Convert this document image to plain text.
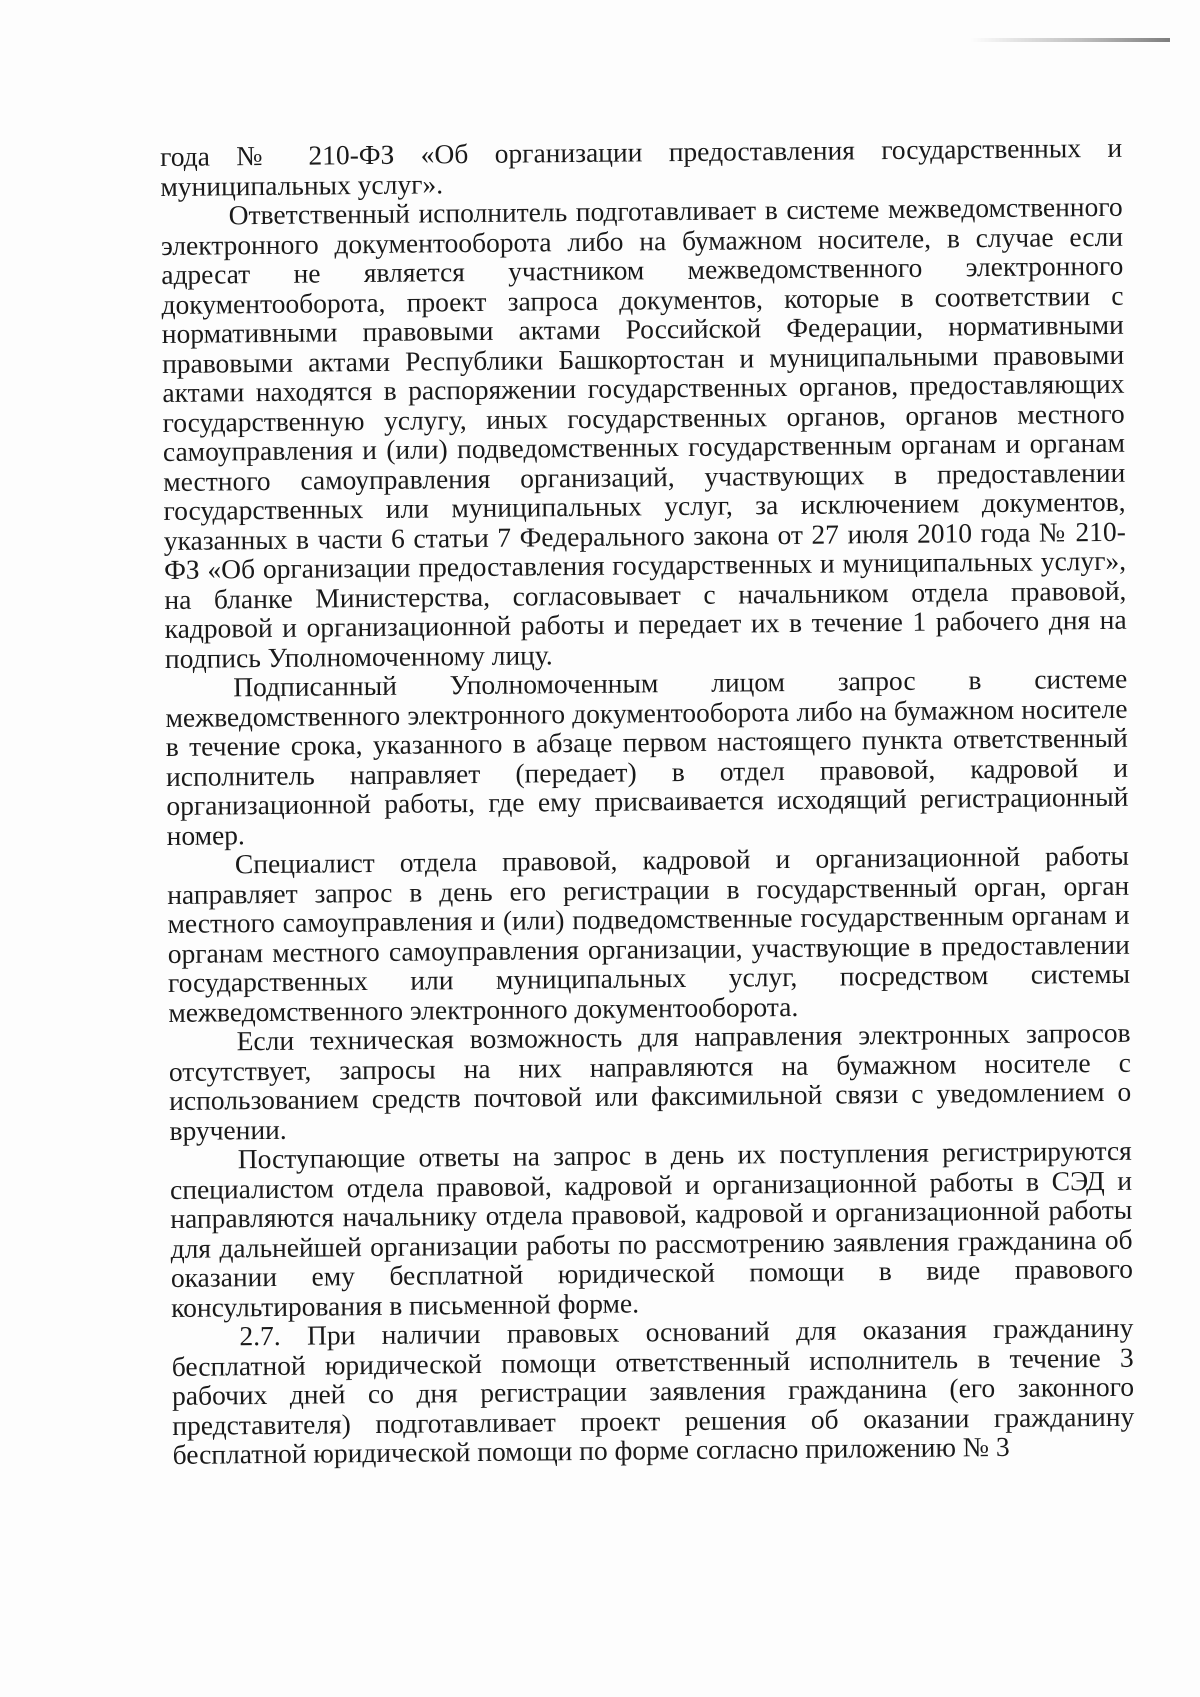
года № 210-ФЗ «Об организации предоставления государственных и муниципальных услуг».

Ответственный исполнитель подготавливает в системе межведомственного электронного документооборота либо на бумажном носителе, в случае если адресат не является участником межведомственного электронного документооборота, проект запроса документов, которые в соответствии с нормативными правовыми актами Российской Федерации, нормативными правовыми актами Республики Башкортостан и муниципальными правовыми актами находятся в распоряжении государственных органов, предоставляющих государственную услугу, иных государственных органов, органов местного самоуправления и (или) подведомственных государственным органам и органам местного самоуправления организаций, участвующих в предоставлении государственных или муниципальных услуг, за исключением документов, указанных в части 6 статьи 7 Федерального закона от 27 июля 2010 года № 210-ФЗ «Об организации предоставления государственных и муниципальных услуг», на бланке Министерства, согласовывает с начальником отдела правовой, кадровой и организационной работы и передает их в течение 1 рабочего дня на подпись Уполномоченному лицу.

Подписанный Уполномоченным лицом запрос в системе межведомственного электронного документооборота либо на бумажном носителе в течение срока, указанного в абзаце первом настоящего пункта ответственный исполнитель направляет (передает) в отдел правовой, кадровой и организационной работы, где ему присваивается исходящий регистрационный номер.

Специалист отдела правовой, кадровой и организационной работы направляет запрос в день его регистрации в государственный орган, орган местного самоуправления и (или) подведомственные государственным органам и органам местного самоуправления организации, участвующие в предоставлении государственных или муниципальных услуг, посредством системы межведомственного электронного документооборота.

Если техническая возможность для направления электронных запросов отсутствует, запросы на них направляются на бумажном носителе с использованием средств почтовой или факсимильной связи с уведомлением о вручении.

Поступающие ответы на запрос в день их поступления регистрируются специалистом отдела правовой, кадровой и организационной работы в СЭД и направляются начальнику отдела правовой, кадровой и организационной работы для дальнейшей организации работы по рассмотрению заявления гражданина об оказании ему бесплатной юридической помощи в виде правового консультирования в письменной форме.

2.7. При наличии правовых оснований для оказания гражданину бесплатной юридической помощи ответственный исполнитель в течение 3 рабочих дней со дня регистрации заявления гражданина (его законного представителя) подготавливает проект решения об оказании гражданину бесплатной юридической помощи по форме согласно приложению № 3
